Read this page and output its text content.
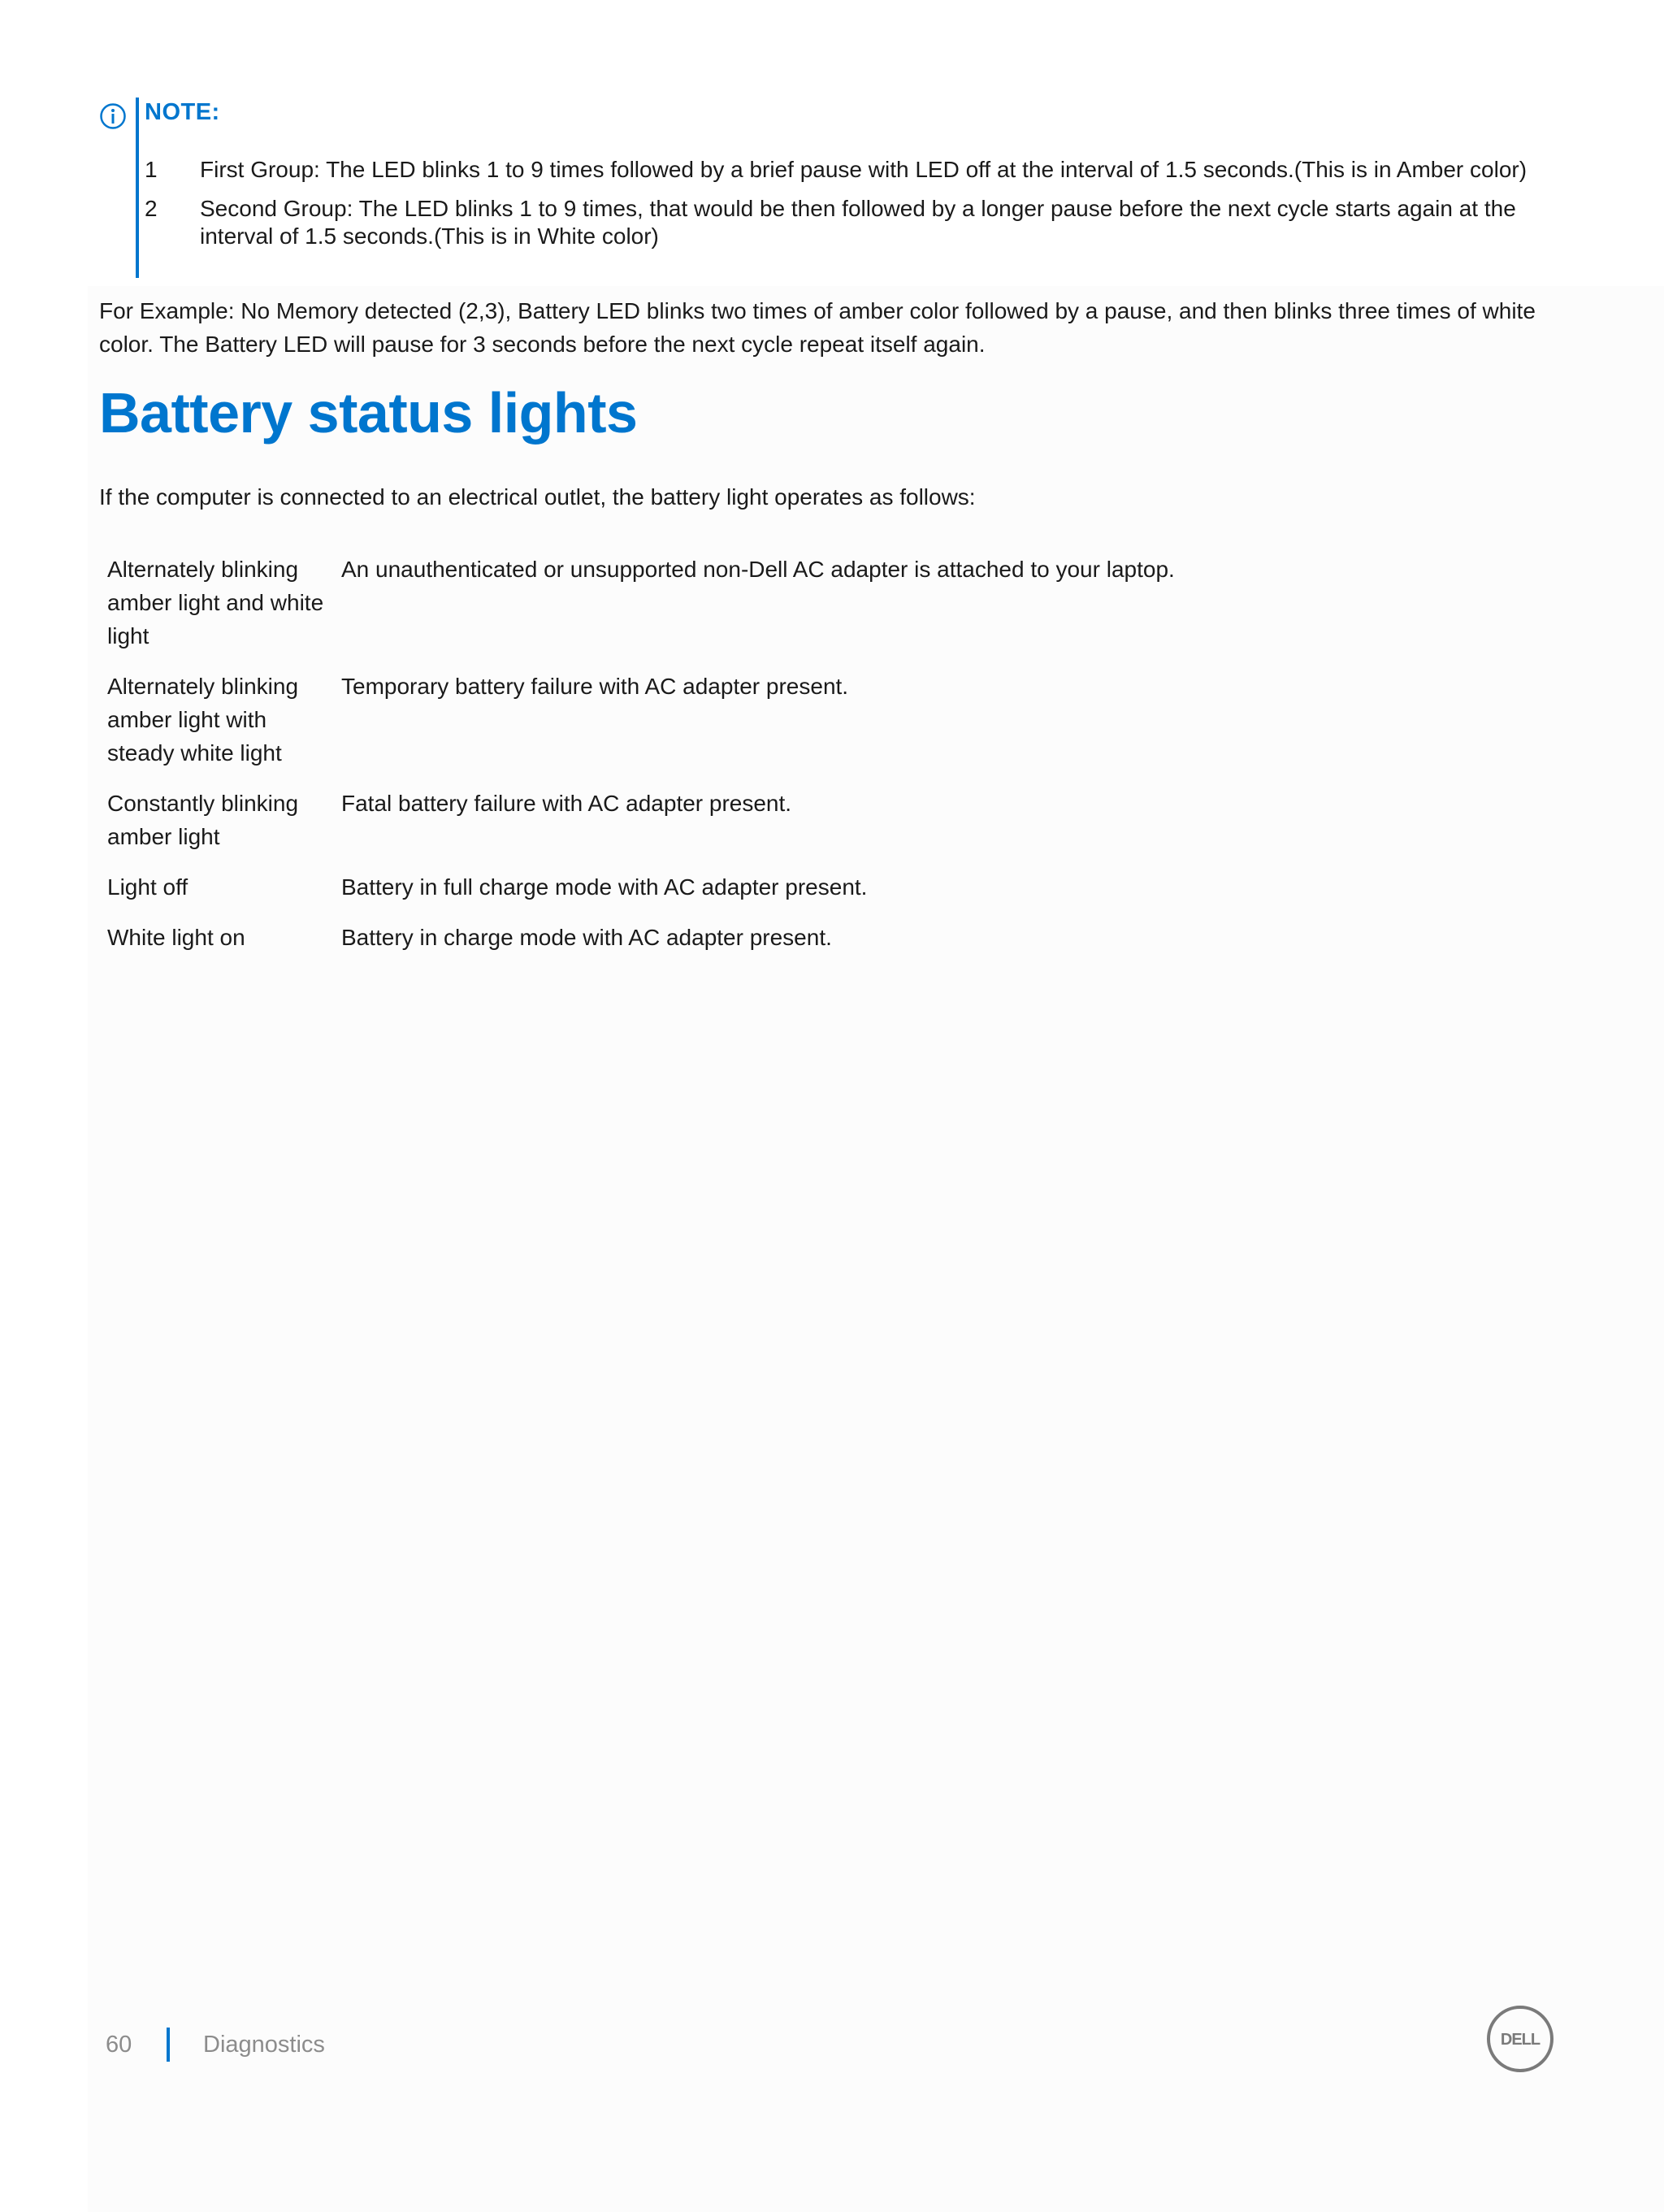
NOTE:
1 First Group: The LED blinks 1 to 9 times followed by a brief pause with LED off at the interval of 1.5 seconds.(This is in Amber color)
2 Second Group: The LED blinks 1 to 9 times, that would be then followed by a longer pause before the next cycle starts again at the interval of 1.5 seconds.(This is in White color)

For Example: No Memory detected (2,3), Battery LED blinks two times of amber color followed by a pause, and then blinks three times of white color. The Battery LED will pause for 3 seconds before the next cycle repeat itself again.

Battery status lights

If the computer is connected to an electrical outlet, the battery light operates as follows:

Alternately blinking amber light and white light	An unauthenticated or unsupported non-Dell AC adapter is attached to your laptop.
Alternately blinking amber light with steady white light	Temporary battery failure with AC adapter present.
Constantly blinking amber light	Fatal battery failure with AC adapter present.
Light off	Battery in full charge mode with AC adapter present.
White light on	Battery in charge mode with AC adapter present.
60	Diagnostics	DELL
